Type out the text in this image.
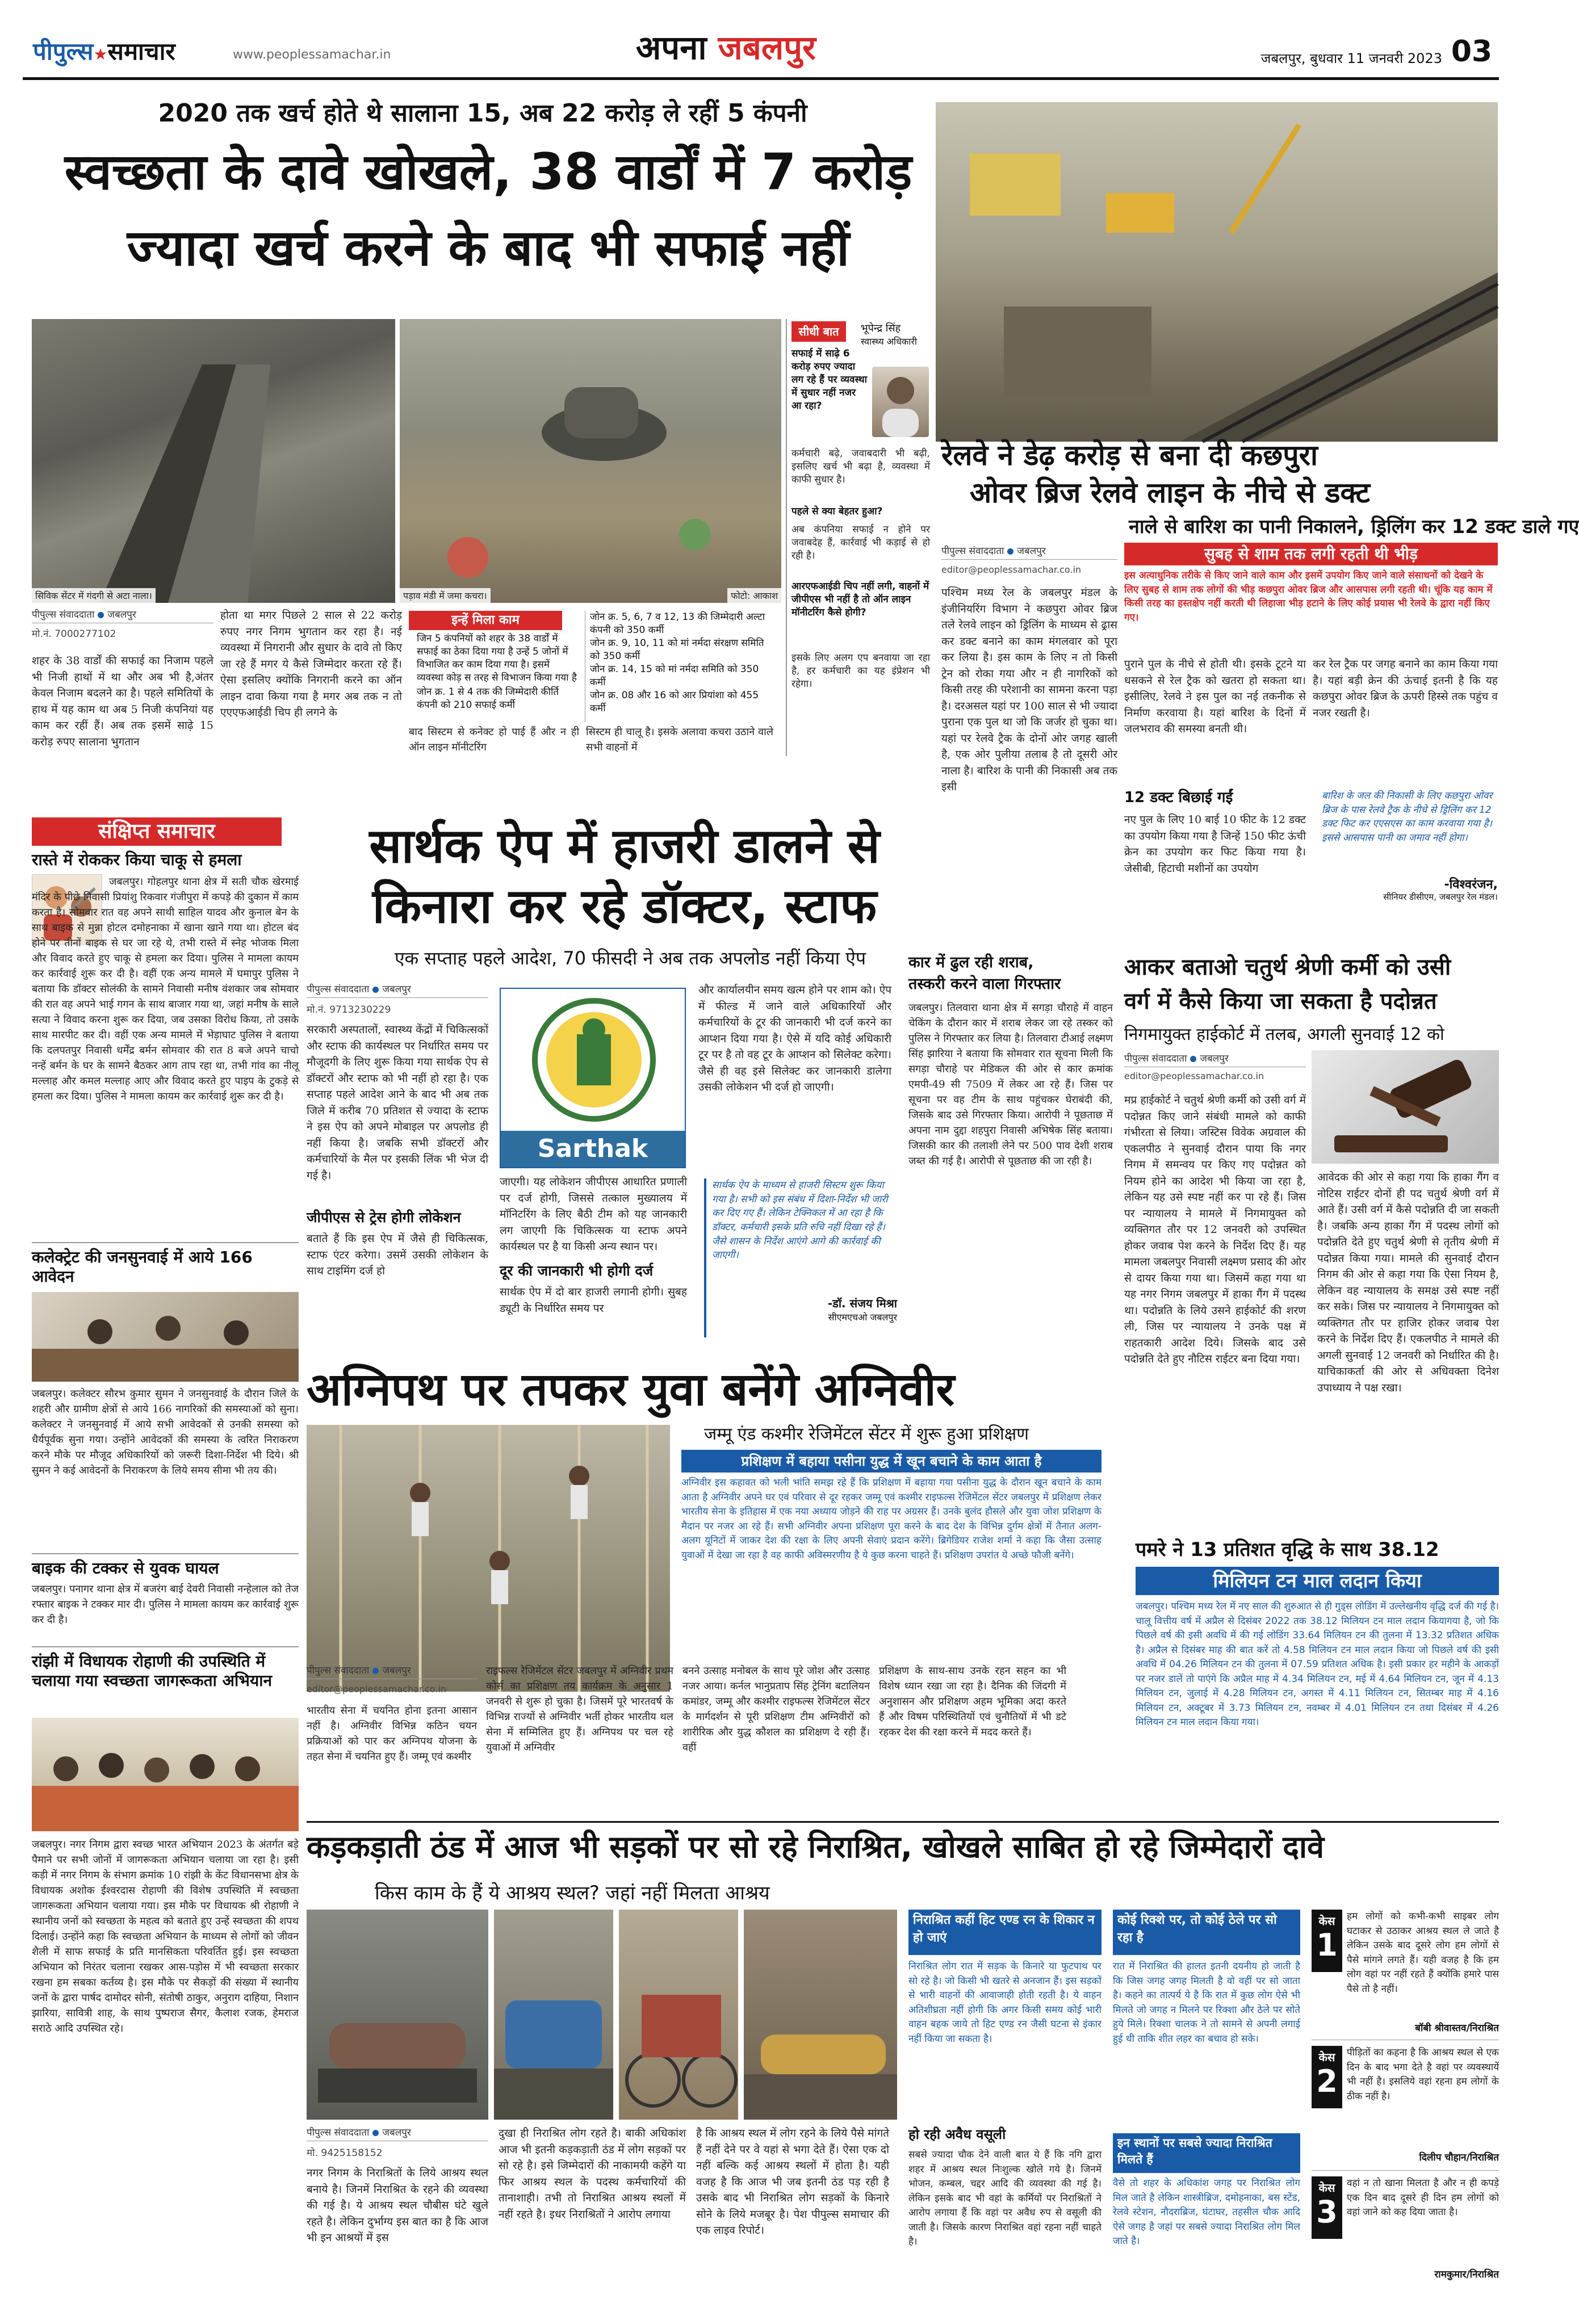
पीपुल्स★समाचार	www.peoplessamachar.in	अपना जबलपुर	जबलपुर, बुधवार 11 जनवरी 2023 03
2020 तक खर्च होते थे सालाना 15, अब 22 करोड़ ले रहीं 5 कंपनी
स्वच्छता के दावे खोखले, 38 वार्डों में 7 करोड़
ज्यादा खर्च करने के बाद भी सफाई नहीं
सिविक सेंटर में गंदगी से अटा नाला।	पड़ाव मंडी में जमा कचरा।	फोटो: आकाश
सीधी बात	भूपेन्द्र सिंह
स्वास्थ्य अधिकारी
सफाई में साढ़े 6 करोड़ रुपए ज्यादा लग रहे हैं पर व्यवस्था में सुधार नहीं नजर आ रहा?
कर्मचारी बढ़े, जवाबदारी भी बढ़ी, इसलिए खर्च भी बढ़ा है, व्यवस्था में काफी सुधार है।
पहले से क्या बेहतर हुआ?
अब कंपनिया सफाई न होने पर जवाबदेह हैं, कार्रवाई भी कड़ाई से हो रही है।
आरएफआईडी चिप नहीं लगी, वाहनों में जीपीएस भी नहीं है तो ऑन लाइन मॉनीटरिंग कैसे होगी?
इसके लिए अलग एप बनवाया जा रहा है, हर कर्मचारी का यह इंप्रेशन भी रहेगा।
पीपुल्स संवाददाता जबलपुर
मो.नं. 7000277102
शहर के 38 वार्डों की सफाई का निजाम पहले भी निजी हाथों में था और अब भी है,अंतर केवल निजाम बदलने का है। पहले समितियों के हाथ में यह काम था अब 5 निजी कंपनियां यह काम कर रहीं हैं। अब तक इसमें साढ़े 15 करोड़ रुपए सालाना भुगतान
होता था मगर पिछले 2 साल से 22 करोड़ रुपए नगर निगम भुगतान कर रहा है। नई व्यवस्था में निगरानी और सुधार के दावे तो किए जा रहे हैं मगर ये कैसे जिम्मेदार करता रहे हैं। ऐसा इसलिए क्योंकि निगरानी करने का ऑन लाइन दावा किया गया है मगर अब तक न तो एएएफआईडी चिप ही लगने के
इन्हें मिला काम
जिन 5 कंपनियों को शहर के 38 वार्डों में सफाई का ठेका दिया गया है उन्हें 5 जोनों में विभाजित कर काम दिया गया है। इसमें व्यवस्था कोड़ स तरह से विभाजन किया गया है
जोन क्र. 1 से 4 तक की जिम्मेदारी कीर्ति कंपनी को 210 सफाई कर्मी
जोन क्र. 5, 6, 7 व 12, 13 की जिम्मेदारी अल्टा कंपनी को 350 कर्मी
जोन क्र. 9, 10, 11 को मां नर्मदा संरक्षण समिति को 350 कर्मी
जोन क्र. 14, 15 को मां नर्मदा समिति को 350 कर्मी
जोन क्र. 08 और 16 को आर प्रियांशा को 455 कर्मी
बाद सिस्टम से कनेक्ट हो पाई हैं और न ही ऑन लाइन मॉनीटरिंग
सिस्टम ही चालू है। इसके अलावा कचरा उठाने वाले सभी वाहनों में
रेलवे ने डेढ़ करोड़ से बना दी कछपुरा
ओवर ब्रिज रेलवे लाइन के नीचे से डक्ट
नाले से बारिश का पानी निकालने, ड्रिलिंग कर 12 डक्ट डाले गए
पीपुल्स संवाददाता जबलपुर
editor@peoplessamachar.co.in
पश्चिम मध्य रेल के जबलपुर मंडल के इंजीनियरिंग विभाग ने कछपुरा ओवर ब्रिज तले रेलवे लाइन को ड्रिलिंग के माध्यम से ढ्रास कर डक्ट बनाने का काम मंगलवार को पूरा कर लिया है। इस काम के लिए न तो किसी ट्रेन को रोका गया और न ही नागरिकों को किसी तरह की परेशानी का सामना करना पड़ा है। दरअसल यहां पर 100 साल से भी ज्यादा पुराना एक पुल था जो कि जर्जर हो चुका था। यहां पर रेलवे ट्रैक के दोनों ओर जगह खाली है, एक ओर पुलीया तलाब है तो दूसरी ओर नाला है। बारिश के पानी की निकासी अब तक इसी
सुबह से शाम तक लगी रहती थी भीड़
इस अत्याधुनिक तरीके से किए जाने वाले काम और इसमें उपयोग किए जाने वाले संसाधनों को देखने के लिए सुबह से शाम तक लोगों की भीड़ कछपुरा ओवर ब्रिज और आसपास लगी रहती थी। चूंकि यह काम में किसी तरह का हस्तक्षेप नहीं करती थी लिहाजा भीड़ हटाने के लिए कोई प्रयास भी रेलवे के द्वारा नहीं किए गए।
पुराने पुल के नीचे से होती थी। इसके टूटने या धसकने से रेल ट्रैक को खतरा हो सकता था। इसीलिए, रेलवे ने इस पुल का नई तकनीक से निर्माण करवाया है। यहां बारिश के दिनों में जलभराव की समस्या बनती थी।
कर रेल ट्रैक पर जगह बनाने का काम किया गया है। यहां बड़ी क्रेन की ऊंचाई इतनी है कि यह कछपुरा ओवर ब्रिज के ऊपरी हिस्से तक पहुंच व नजर रखती है।
12 डक्ट बिछाई गईं
नए पुल के लिए 10 बाई 10 फीट के 12 डक्ट का उपयोग किया गया है जिन्हें 150 फीट ऊंची क्रेन का उपयोग कर फिट किया गया है। जेसीबी, हिटाची मशीनों का उपयोग
बारिश के जल की निकासी के लिए कछपुरा ओवर ब्रिज के पास रेलवे ट्रैक के नीचे से ड्रिलिंग कर 12 डक्ट फिट कर एएसएस का काम करवाया गया है। इससे आसपास पानी का जमाव नहीं होगा।
-विश्वरंजन,
सीनियर डीसीएम, जबलपुर रेल मंडल।
संक्षिप्त समाचार
रास्ते में रोककर किया चाकू से हमला
जबलपुर। गोहलपुर थाना क्षेत्र में सती चौक खेरमाई मंदिर के पीछे निवासी प्रियांशु रिकवार गंजीपुरा में कपड़े की दुकान में काम करता है। सोमवार रात वह अपने साथी साहिल यादव और कुनाल बेन के साथ बाइक से मुन्ना होटल दमोहनाका में खाना खाने गया था। होटल बंद होने पर तीनों बाइक से घर जा रहे थे, तभी रास्ते में स्नेह भोजक मिला और विवाद करते हुए चाकू से हमला कर दिया। पुलिस ने मामला कायम कर कार्रवाई शुरू कर दी है। वहीं एक अन्य मामले में घमापुर पुलिस ने बताया कि डॉक्टर सोलंकी के सामने निवासी मनीष वंशकार जब सोमवार की रात वह अपने भाई गगन के साथ बाजार गया था, जहां मनीष के साले सत्या ने विवाद करना शुरू कर दिया, जब उसका विरोध किया, तो उसके साथ मारपीट कर दी। वहीं एक अन्य मामले में भेड़ाघाट पुलिस ने बताया कि दलपतपुर निवासी धर्मेंद्र बर्मन सोमवार की रात 8 बजे अपने चाचो नन्हें बर्मन के घर के सामने बैठकर आग ताप रहा था, तभी गांव का नीलू मल्लाह और कमल मल्लाह आए और विवाद करते हुए पाइप के टुकड़े से हमला कर दिया। पुलिस ने मामला कायम कर कार्रवाई शुरू कर दी है।
कलेक्ट्रेट की जनसुनवाई में आये 166 आवेदन
जबलपुर। कलेक्टर सौरभ कुमार सुमन ने जनसुनवाई के दौरान जिले के शहरी और ग्रामीण क्षेत्रों से आये 166 नागरिकों की समस्याओं को सुना। कलेक्टर ने जनसुनवाई में आये सभी आवेदकों से उनकी समस्या को धैर्यपूर्वक सुना गया। उन्होंने आवेदकों की समस्या के त्वरित निराकरण करने मौके पर मौजूद अधिकारियों को जरूरी दिशा-निर्देश भी दिये। श्री सुमन ने कई आवेदनों के निराकरण के लिये समय सीमा भी तय की।
बाइक की टक्कर से युवक घायल
जबलपुर। पनागर थाना क्षेत्र में बजरंग बाई देवरी निवासी नन्हेलाल को तेज रफ्तार बाइक ने टक्कर मार दी। पुलिस ने मामला कायम कर कार्रवाई शुरू कर दी है।
रांझी में विधायक रोहाणी की उपस्थिति में चलाया गया स्वच्छता जागरूकता अभियान
जबलपुर। नगर निगम द्वारा स्वच्छ भारत अभियान 2023 के अंतर्गत बड़े पैमाने पर सभी जोनों में जागरूकता अभियान चलाया जा रहा है। इसी कड़ी में नगर निगम के संभाग क्रमांक 10 रांझी के केंट विधानसभा क्षेत्र के विधायक अशोक ईश्वरदास रोहाणी की विशेष उपस्थिति में स्वच्छता जागरूकता अभियान चलाया गया। इस मौके पर विधायक श्री रोहाणी ने स्थानीय जनों को स्वच्छता के महत्व को बताते हुए उन्हें स्वच्छता की शपथ दिलाई। उन्होंने कहा कि स्वच्छता अभियान के माध्यम से लोगों को जीवन शैली में साफ सफाई के प्रति मानसिकता परिवर्तित हुई। इस स्वच्छता अभियान को निरंतर चलाना रखकर आस-पड़ोस में भी स्वच्छता सरकार रखना हम सबका कर्तव्य है। इस मौके पर सैकड़ों की संख्या में स्थानीय जनों के द्वारा पार्षद दामोदर सोनी, संतोषी ठाकुर, अनुराग दाहिया, निशान झारिया, सावित्री शाह, के साथ पुष्पराज सैगर, कैलाश रजक, हेमराज सराठे आदि उपस्थित रहे।
सार्थक ऐप में हाजरी डालने से
किनारा कर रहे डॉक्टर, स्टाफ
एक सप्ताह पहले आदेश, 70 फीसदी ने अब तक अपलोड नहीं किया ऐप
पीपुल्स संवाददाता जबलपुर
मो.नं. 9713230229
सरकारी अस्पतालों, स्वास्थ्य केंद्रों में चिकित्सकों और स्टाफ की कार्यस्थल पर निर्धारित समय पर मौजूदगी के लिए शुरू किया गया सार्थक ऐप से डॉक्टरों और स्टाफ को भी नहीं हो रहा है। एक सप्ताह पहले आदेश आने के बाद भी अब तक जिले में करीब 70 प्रतिशत से ज्यादा के स्टाफ ने इस ऐप को अपने मोबाइल पर अपलोड ही नहीं किया है। जबकि सभी डॉक्टरों और कर्मचारियों के मैल पर इसकी लिंक भी भेज दी गई है।
जीपीएस से ट्रेस होगी लोकेशन
बताते हैं कि इस ऐप में जैसे ही चिकित्सक, स्टाफ एंटर करेगा। उसमें उसकी लोकेशन के साथ टाइमिंग दर्ज हो
Sarthak
जाएगी। यह लोकेशन जीपीएस आधारित प्रणाली पर दर्ज होगी, जिससे तत्काल मुख्यालय में मॉनिटरिंग के लिए बैठी टीम को यह जानकारी लग जाएगी कि चिकित्सक या स्टाफ अपने कार्यस्थल पर है या किसी अन्य स्थान पर।
दूर की जानकारी भी होगी दर्ज
सार्थक ऐप में दो बार हाजरी लगानी होगी। सुबह ड्यूटी के निर्धारित समय पर
और कार्यालयीन समय खत्म होने पर शाम को। ऐप में फील्ड में जाने वाले अधिकारियों और कर्मचारियों के टूर की जानकारी भी दर्ज करने का आप्शन दिया गया है। ऐसे में यदि कोई अधिकारी टूर पर है तो वह टूर के आप्शन को सिलेक्ट करेगा। जैसे ही वह इसे सिलेक्ट कर जानकारी डालेगा उसकी लोकेशन भी दर्ज हो जाएगी।
सार्थक ऐप के माध्यम से हाजरी सिस्टम शुरू किया गया है। सभी को इस संबंध में दिशा-निर्देश भी जारी कर दिए गए हैं। लेकिन टेक्निकल में आ रहा है कि डॉक्टर, कर्मचारी इसके प्रति रुचि नहीं दिखा रहे हैं। जैसे शासन के निर्देश आएंगे आगे की कार्रवाई की जाएगी।
-डॉ. संजय मिश्रा
सीएमएचओ जबलपुर
कार में ढुल रही शराब,
तस्करी करने वाला गिरफ्तार
जबलपुर। तिलवारा थाना क्षेत्र में सगड़ा चौराहे में वाहन चेकिंग के दौरान कार में शराब लेकर जा रहे तस्कर को पुलिस ने गिरफ्तार कर लिया है। तिलवारा टीआई लक्ष्मण सिंह झारिया ने बताया कि सोमवार रात सूचना मिली कि सगड़ा चौराहे पर मेडिकल की ओर से कार क्रमांक एमपी-49 सी 7509 में लेकर आ रहे हैं। जिस पर सूचना पर वह टीम के साथ पहुंचकर घेराबंदी की, जिसके बाद उसे गिरफ्तार किया। आरोपी ने पूछताछ में अपना नाम दुद्दा शहपुरा निवासी अभिषेक सिंह बताया। जिसकी कार की तलाशी लेने पर 500 पाव देशी शराब जब्त की गई है। आरोपी से पूछताछ की जा रही है।
आकर बताओ चतुर्थ श्रेणी कर्मी को उसी
वर्ग में कैसे किया जा सकता है पदोन्नत
निगमायुक्त हाईकोर्ट में तलब, अगली सुनवाई 12 को
पीपुल्स संवाददाता जबलपुर
editor@peoplessamachar.co.in
मप्र हाईकोर्ट ने चतुर्थ श्रेणी कर्मी को उसी वर्ग में पदोन्नत किए जाने संबंधी मामले को काफी गंभीरता से लिया। जस्टिस विवेक अग्रवाल की एकलपीठ ने सुनवाई दौरान पाया कि नगर निगम में समन्वय पर किए गए पदोन्नत को नियम होने का आदेश भी किया जा रहा है, लेकिन यह उसे स्पष्ट नहीं कर पा रहे हैं। जिस पर न्यायालय ने मामले में निगमायुक्त को व्यक्तिगत तौर पर 12 जनवरी को उपस्थित होकर जवाब पेश करने के निर्देश दिए हैं। यह मामला जबलपुर निवासी लक्ष्मण प्रसाद की ओर से दायर किया गया था। जिसमें कहा गया था यह नगर निगम जबलपुर में हाका गैंग में पदस्थ था। पदोन्नति के लिये उसने हाईकोर्ट की शरण ली, जिस पर न्यायालय ने उनके पक्ष में राहतकारी आदेश दिये। जिसके बाद उसे पदोन्नति देते हुए नौटिस राईटर बना दिया गया।
आवेदक की ओर से कहा गया कि हाका गैंग व नोटिस राईटर दोनों ही पद चतुर्थ श्रेणी वर्ग में आते हैं। उसी वर्ग में कैसे पदोन्नति दी जा सकती है। जबकि अन्य हाका गैंग में पदस्थ लोगों को पदोन्नति देते हुए चतुर्थ श्रेणी से तृतीय श्रेणी में पदोन्नत किया गया। मामले की सुनवाई दौरान निगम की ओर से कहा गया कि ऐसा नियम है, लेकिन वह न्यायालय के समक्ष उसे स्पष्ट नहीं कर सके। जिस पर न्यायालय ने निगमायुक्त को व्यक्तिगत तौर पर हाजिर होकर जवाब पेश करने के निर्देश दिए हैं। एकलपीठ ने मामले की अगली सुनवाई 12 जनवरी को निर्धारित की है। याचिकाकर्ता की ओर से अधिवक्ता दिनेश उपाध्याय ने पक्ष रखा।
अग्निपथ पर तपकर युवा बनेंगे अग्निवीर
जम्मू एंड कश्मीर रेजिमेंटल सेंटर में शुरू हुआ प्रशिक्षण
प्रशिक्षण में बहाया पसीना युद्ध में खून बचाने के काम आता है
अग्निवीर इस कहावत को भली भांति समझ रहे हैं कि प्रशिक्षण में बहाया गया पसीना युद्ध के दौरान खून बचाने के काम आता है अग्निवीर अपने घर एवं परिवार से दूर रहकर जम्मू एवं कश्मीर राइफल्स रेजिमेंटल सेंटर जबलपुर में प्रशिक्षण लेकर भारतीय सेना के इतिहास में एक नया अध्याय जोड़ने की राह पर अग्रसर हैं। उनके बुलंद हौसले और युवा जोश प्रशिक्षण के मैदान पर नजर आ रहे हैं। सभी अग्निवीर अपना प्रशिक्षण पूरा करने के बाद देश के विभिन्न दुर्गम क्षेत्रों में तैनात अलग-अलग यूनिटों में जाकर देश की रक्षा के लिए अपनी सेवाएं प्रदान करेंगे। ब्रिगेडियर राजेश शर्मा ने कहा कि जैसा उत्साह युवाओं में देखा जा रहा है वह काफी अविस्मरणीय है ये कुछ करना चाहते हैं। प्रशिक्षण उपरांत ये अच्छे फौजी बनेंगे।
पीपुल्स संवाददाता जबलपुर
editor@peoplessamachar.co.in
भारतीय सेना में चयनित होना इतना आसान नहीं है। अग्निवीर विभिन्न कठिन चयन प्रक्रियाओं को पार कर अग्निपथ योजना के तहत सेना में चयनित हुए हैं। जम्मू एवं कश्मीर
राइफल्स रेजिमेंटल सेंटर जबलपुर में अग्निवीर प्रथम कोर्स का प्रशिक्षण तय कार्यक्रम के अनुसार 1 जनवरी से शुरू हो चुका है। जिसमें पूरे भारतवर्ष के विभिन्न राज्यों से अग्निवीर भर्ती होकर भारतीय थल सेना में सम्मिलित हुए हैं। अग्निपथ पर चल रहे युवाओं में अग्निवीर
बनने उत्साह मनोबल के साथ पूरे जोश और उत्साह नजर आया। कर्नल भानुप्रताप सिंह ट्रेनिंग बटालियन कमांडर, जम्मू और कश्मीर राइफल्स रेजिमेंटल सेंटर के मार्गदर्शन से पूरी प्रशिक्षण टीम अग्निवीरों को शारीरिक और युद्ध कौशल का प्रशिक्षण दे रही हैं। वहीं
प्रशिक्षण के साथ-साथ उनके रहन सहन का भी विशेष ध्यान रखा जा रहा है। दैनिक की जिंदगी में अनुशासन और प्रशिक्षण अहम भूमिका अदा करते हैं और विषम परिस्थितियों एवं चुनौतियों में भी डटे रहकर देश की रक्षा करने में मदद करते हैं।
पमरे ने 13 प्रतिशत वृद्धि के साथ 38.12
मिलियन टन माल लदान किया
जबलपुर। पश्चिम मध्य रेल में नए साल की शुरुआत से ही गुड्स लोडिंग में उल्लेखनीय वृद्धि दर्ज की गई है। चालू वित्तीय वर्ष में अप्रैल से दिसंबर 2022 तक 38.12 मिलियन टन माल लदान कियागया है, जो कि पिछले वर्ष की इसी अवधि में की गई लोडिंग 33.64 मिलियन टन की तुलना में 13.32 प्रतिशत अधिक है। अप्रैल से दिसंबर माह की बात करें तो 4.58 मिलियन टन माल लदान किया जो पिछले वर्ष की इसी अवधि में 04.26 मिलियन टन की तुलना में 07.59 प्रतिशत अधिक है। इसी प्रकार हर महीने के आकड़ों पर नजर डालें तो पाएंगे कि अप्रैल माह में 4.34 मिलियन टन, मई में 4.64 मिलियन टन, जून में 4.13 मिलियन टन, जुलाई में 4.28 मिलियन टन, अगस्त में 4.11 मिलियन टन, सितम्बर माह में 4.16 मिलियन टन, अक्टूबर में 3.73 मिलियन टन, नवम्बर में 4.01 मिलियन टन तथा दिसंबर में 4.26 मिलियन टन माल लदान किया गया।
कड़कड़ाती ठंड में आज भी सड़कों पर सो रहे निराश्रित, खोखले साबित हो रहे जिम्मेदारों दावे
किस काम के हैं ये आश्रय स्थल? जहां नहीं मिलता आश्रय
पीपुल्स संवाददाता जबलपुर
मो. 9425158152
नगर निगम के निराश्रितों के लिये आश्रय स्थल बनाये है। जिनमें निराश्रित के रहने की व्यवस्था की गई है। ये आश्रय स्थल चौबीस घंटे खुले रहते है। लेकिन दुर्भाग्य इस बात का है कि आज भी इन आश्रयों में इस
दुखा ही निराश्रित लोग रहते है। बाकी अधिकांश आज भी इतनी कड़कड़ाती ठंड में लोग सड़कों पर सो रहे है। इसे जिम्मेदारों की नाकामयी कहेंगे या फिर आश्रय स्थल के पदस्थ कर्मचारियों की तानाशाही। तभी तो निराश्रित आश्रय स्थलों में नहीं रहते है। इधर निराश्रितों ने आरोप लगाया
है कि आश्रय स्थल में लोग रहने के लिये पैसे मांगते हैं नहीं देने पर वे यहां से भगा देते हैं। ऐसा एक दो नहीं बल्कि कई आश्रय स्थलों में होता है। यही वजह है कि आज भी जब इतनी ठंड पड़ रही है उसके बाद भी निराश्रित लोग सड़कों के किनारे सोने के लिये मजबूर है। पेश पीपुल्स समाचार की एक लाइव रिपोर्ट।
निराश्रित कहीं हिट एण्ड रन के शिकार न हो जाएं
निराश्रित लोग रात में सड़क के किनारे या फुटपाथ पर सो रहे है। जो किसी भी खतरे से अनजान हैं। इस सड़कों से भारी वाहनों की आवाजाही होती रहती है। ये वाहन अतिशीघ्रता नहीं होगी कि अगर किसी समय कोई भारी वाहन बहक जाये तो हिट एण्ड रन जैसी घटना से इंकार नहीं किया जा सकता है।
हो रही अवैध वसूली
सबसे ज्यादा चौक देने वाली बात ये हैं कि नगि द्वारा शहर में आश्रय स्थल निःशुल्क खोले गये है। जिनमें भोजन, कम्बल, चद्दर आदि की व्यवस्था की गई है। लेकिन इसके बाद भी वहां के कर्मियों पर निराश्रितों ने आरोप लगाया हैं कि वहां पर अवैध रुप से वसूली की जाती है। जिसके कारण निराश्रित वहां रहना नहीं चाहते है।
कोई रिक्शे पर, तो कोई ठेले पर सो रहा है
रात में निराश्रित की हालत इतनी दयनीय हो जाती है कि जिस जगह जगह मिलती है वो वहीं पर सो जाता है। कहने का तात्पर्य ये है कि रात में कुछ लोग ऐसे भी मिलते जो जगह न मिलने पर रिक्शा और ठेले पर सोते हुये मिले। रिक्शा चालक ने तो सामने से अपनी लगाई हुई थी ताकि शीत लहर का बचाव हो सके।
इन स्थानों पर सबसे ज्यादा निराश्रित मिलते हैं
वैसे तो शहर के अधिकांश जगह पर निराश्रित लोग मिल जाते है लेकिन शास्त्रीब्रिज, दमोहनाका, बस स्टेंड, रेलवे स्टेशन, नौदराब्रिज, घंटाघर, तहसील चौक आदि ऐसे जगह है जहां पर सबसे ज्यादा निराश्रित लोग मिल जाते है।
केस
1
हम लोगों को कभी-कभी साइबर लोग घटाकर से उठाकर आश्रय स्थल ले जाते है लेकिन उसके बाद दूसरे लोग हम लोगों से पैसे मांगने लगते हैं। यही वजह है कि हम लोग वहां पर नहीं रहते हैं क्योंकि हमारे पास पैसे तो है नहीं।
बॉबी श्रीवास्तव/निराश्रित
केस
2
पीड़ितों का कहना है कि आश्रय स्थल से एक दिन के बाद भगा देते है वहां पर व्यवस्थायें भी नहीं है। इसलिये वहां रहना हम लोगों के ठीक नहीं है।
दिलीप चौहान/निराश्रित
केस
3
वहां न तो खाना मिलता है और न ही कपड़े एक दिन बाद दूसरे ही दिन हम लोगों को वहां जाने को कह दिया जाता है।
रामकुमार/निराश्रित
